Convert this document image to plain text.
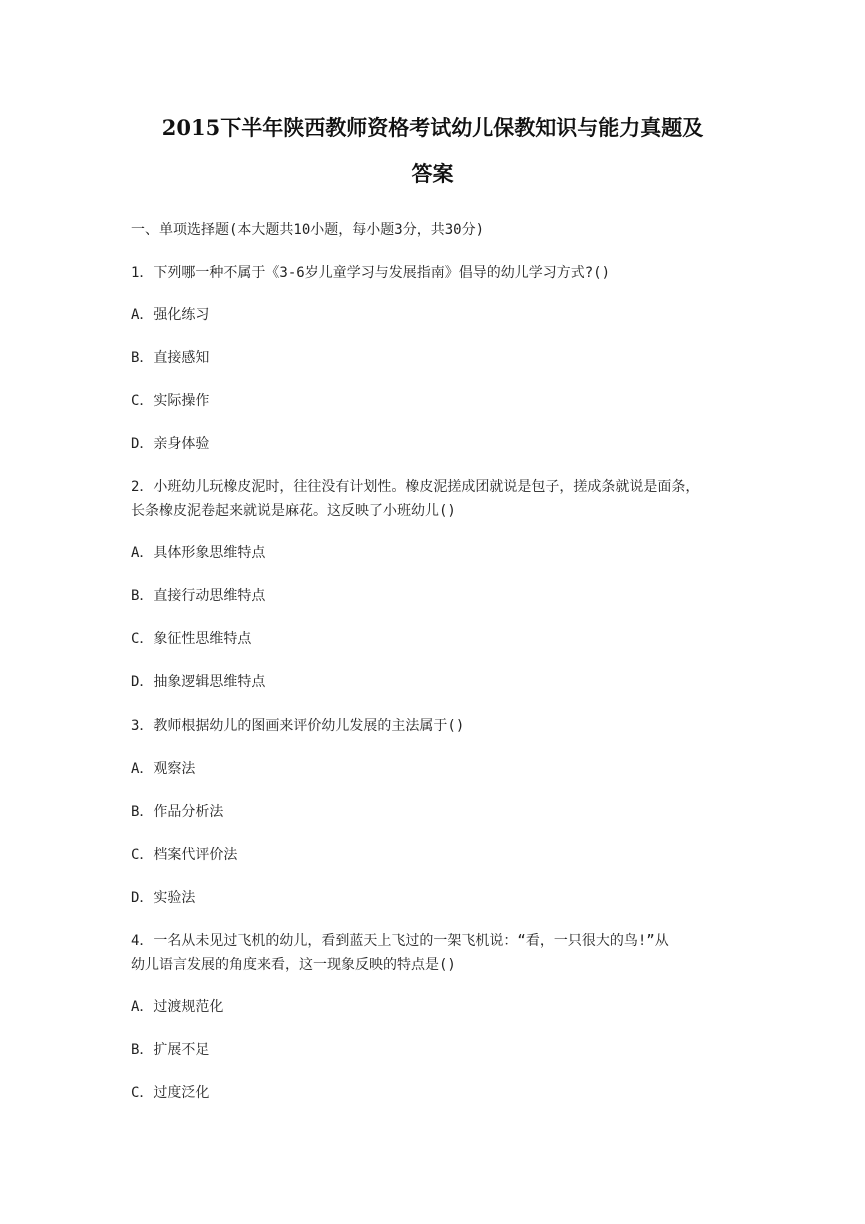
2015下半年陕西教师资格考试幼儿保教知识与能力真题及
答案

一、单项选择题(本大题共10小题，每小题3分，共30分)

1．下列哪一种不属于《3-6岁儿童学习与发展指南》倡导的幼儿学习方式?()

A．强化练习

B．直接感知

C．实际操作

D．亲身体验

2．小班幼儿玩橡皮泥时，往往没有计划性。橡皮泥搓成团就说是包子，搓成条就说是面条，

长条橡皮泥卷起来就说是麻花。这反映了小班幼儿()

A．具体形象思维特点

B．直接行动思维特点

C．象征性思维特点

D．抽象逻辑思维特点

3．教师根据幼儿的图画来评价幼儿发展的主法属于()

A．观察法

B．作品分析法

C．档案代评价法

D．实验法

4．一名从未见过飞机的幼儿，看到蓝天上飞过的一架飞机说：“看，一只很大的鸟!”从

幼儿语言发展的角度来看，这一现象反映的特点是()

A．过渡规范化

B．扩展不足

C．过度泛化
